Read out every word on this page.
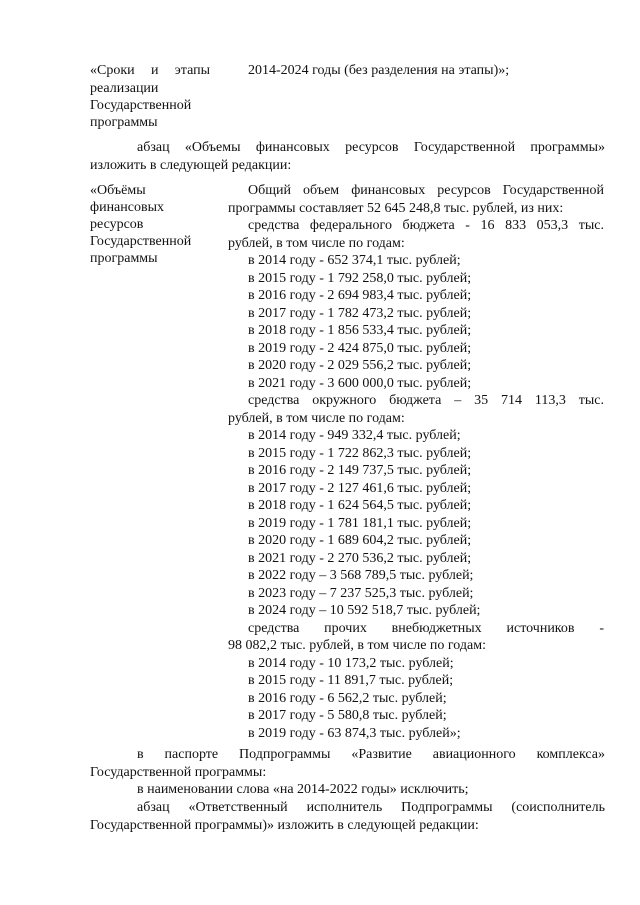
«Сроки и этапы
реализации
Государственной
программы
2014-2024 годы (без разделения на этапы)»;
абзац «Объемы финансовых ресурсов Государственной программы» изложить в следующей редакции:
«Объёмы
финансовых
ресурсов
Государственной
программы
Общий объем финансовых ресурсов Государственной
программы составляет 52 645 248,8 тыс. рублей, из них:
средства федерального бюджета - 16 833 053,3 тыс.
рублей, в том числе по годам:
в 2014 году - 652 374,1 тыс. рублей;
в 2015 году - 1 792 258,0 тыс. рублей;
в 2016 году - 2 694 983,4 тыс. рублей;
в 2017 году - 1 782 473,2 тыс. рублей;
в 2018 году - 1 856 533,4 тыс. рублей;
в 2019 году - 2 424 875,0 тыс. рублей;
в 2020 году - 2 029 556,2 тыс. рублей;
в 2021 году - 3 600 000,0 тыс. рублей;
средства окружного бюджета – 35 714 113,3 тыс.
рублей, в том числе по годам:
в 2014 году - 949 332,4 тыс. рублей;
в 2015 году - 1 722 862,3 тыс. рублей;
в 2016 году - 2 149 737,5 тыс. рублей;
в 2017 году - 2 127 461,6 тыс. рублей;
в 2018 году - 1 624 564,5 тыс. рублей;
в 2019 году - 1 781 181,1 тыс. рублей;
в 2020 году - 1 689 604,2 тыс. рублей;
в 2021 году - 2 270 536,2 тыс. рублей;
в 2022 году – 3 568 789,5 тыс. рублей;
в 2023 году – 7 237 525,3 тыс. рублей;
в 2024 году – 10 592 518,7 тыс. рублей;
средства прочих внебюджетных источников -
98 082,2 тыс. рублей, в том числе по годам:
в 2014 году - 10 173,2 тыс. рублей;
в 2015 году - 11 891,7 тыс. рублей;
в 2016 году - 6 562,2 тыс. рублей;
в 2017 году - 5 580,8 тыс. рублей;
в 2019 году - 63 874,3 тыс. рублей»;
в паспорте Подпрограммы «Развитие авиационного комплекса» Государственной программы:
в наименовании слова «на 2014-2022 годы» исключить;
абзац «Ответственный исполнитель Подпрограммы (соисполнитель Государственной программы)» изложить в следующей редакции:
